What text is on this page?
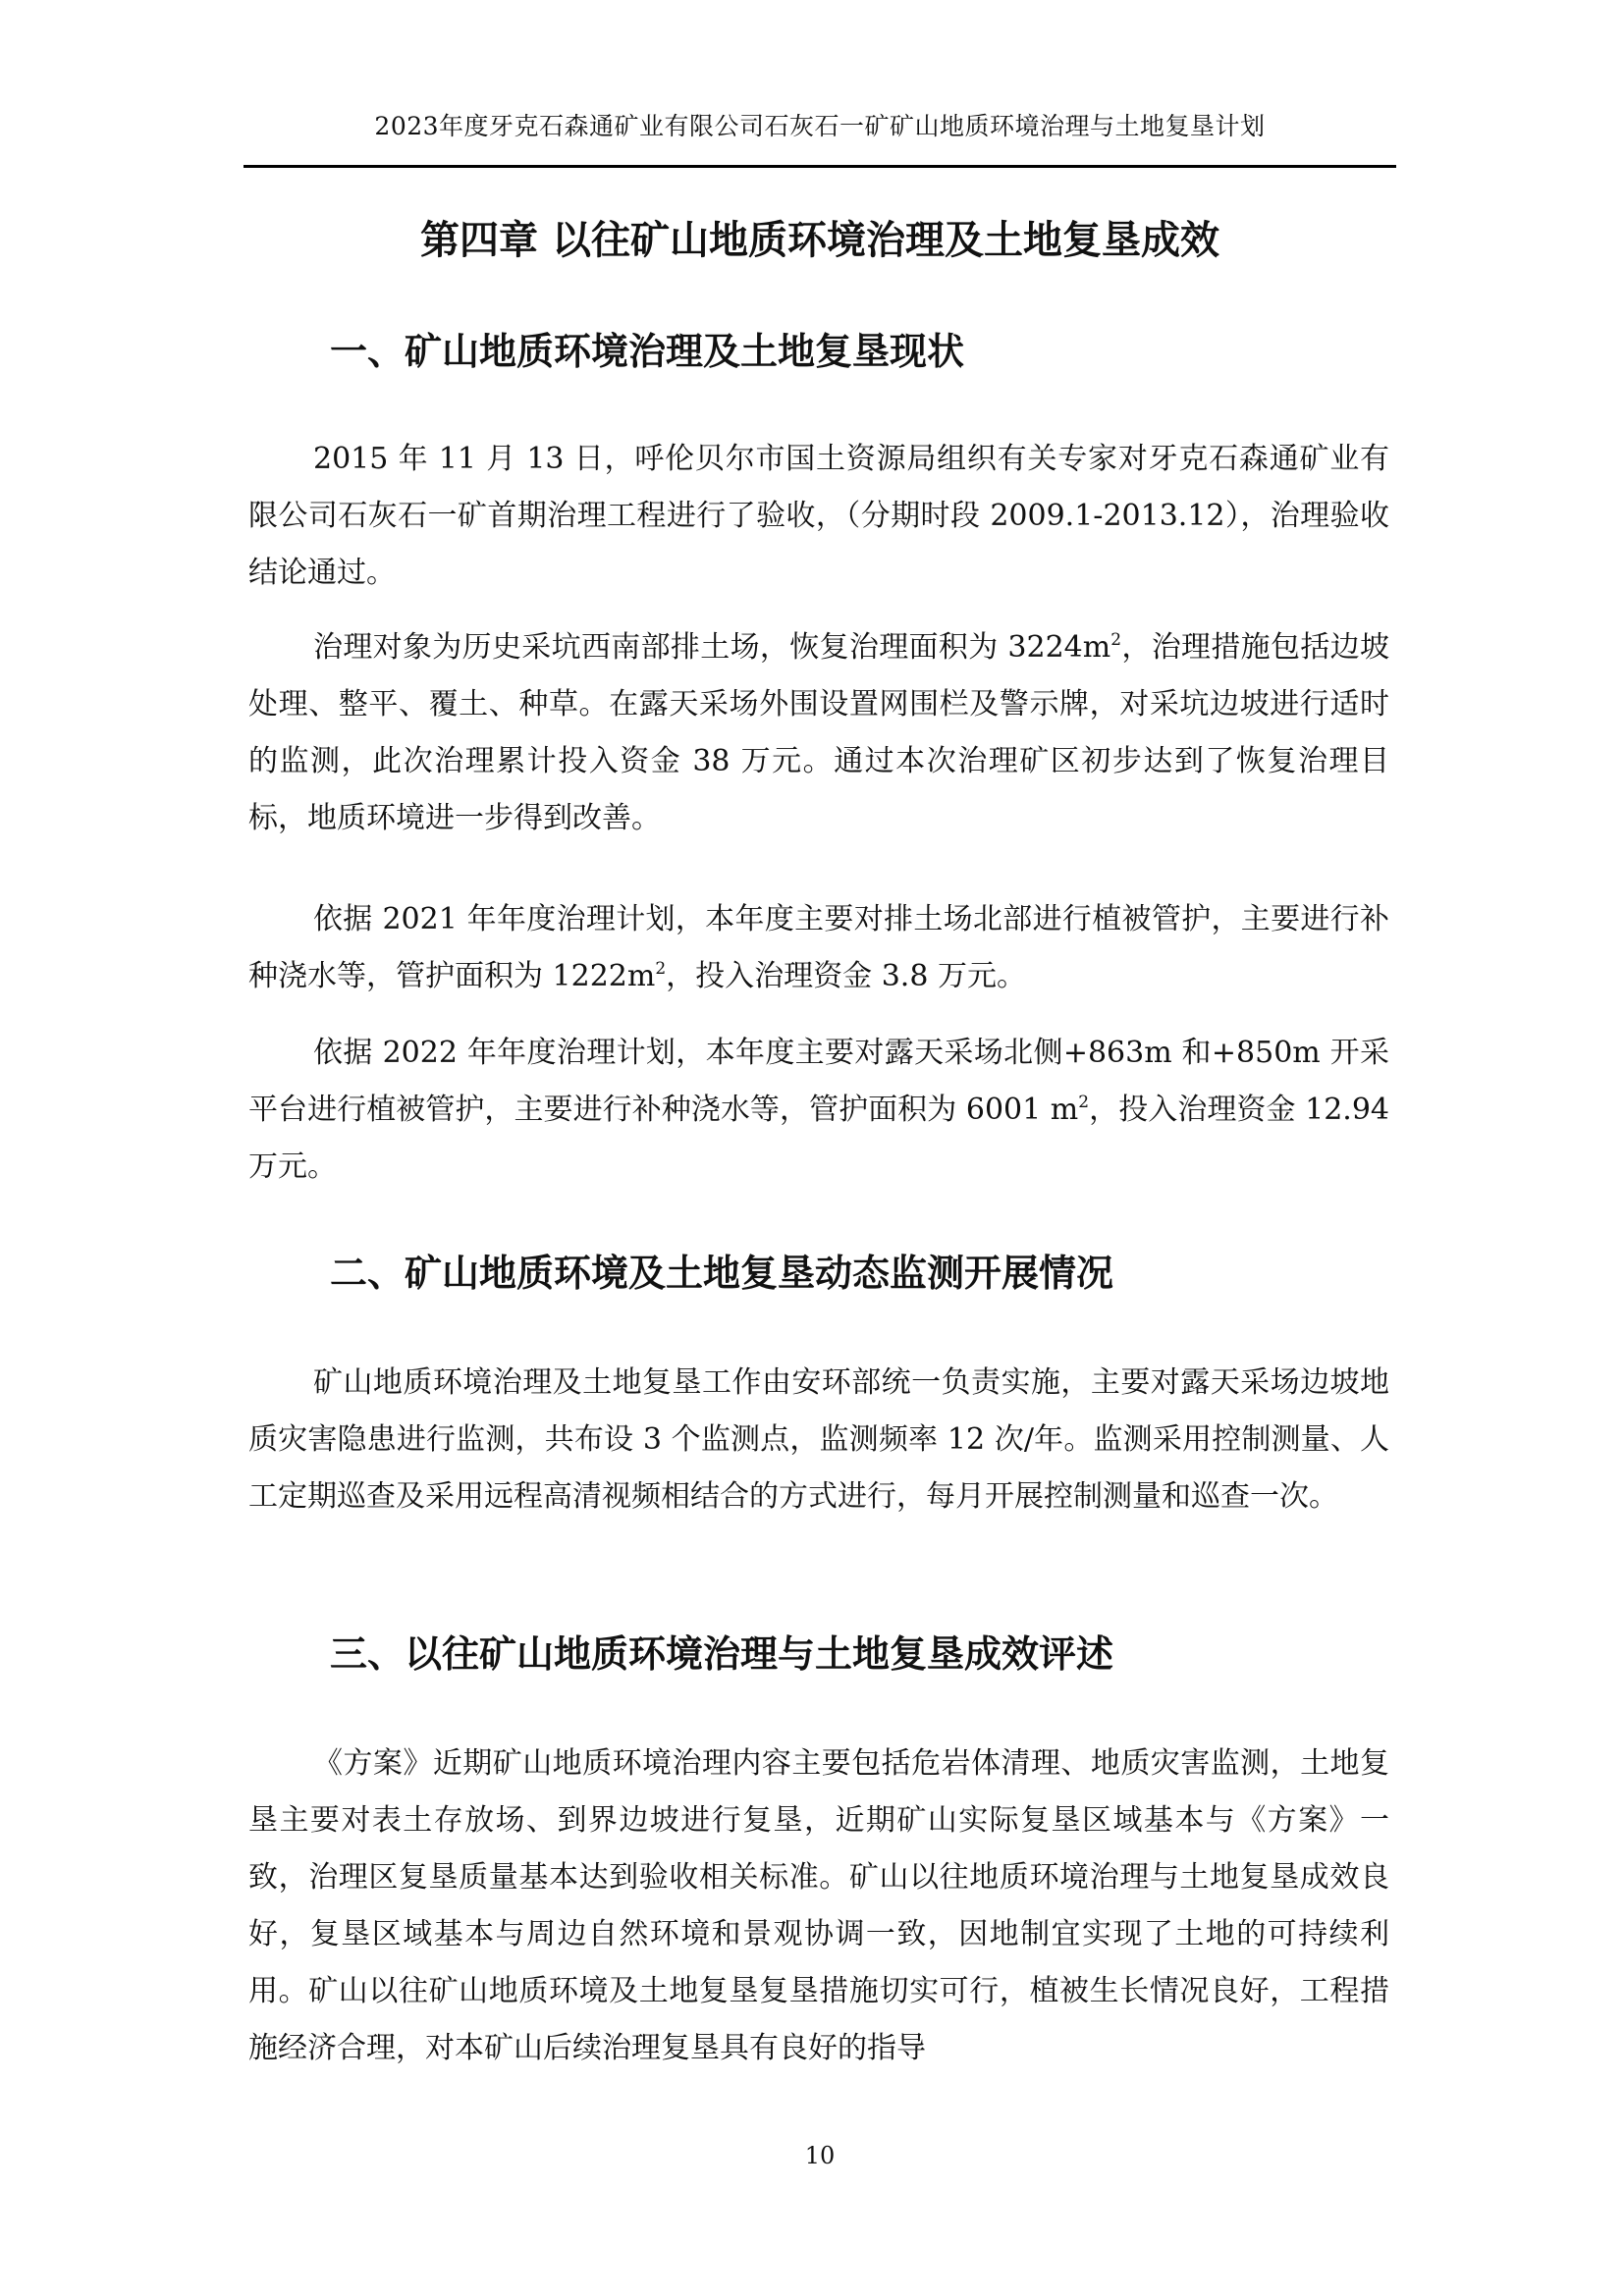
2023年度牙克石森通矿业有限公司石灰石一矿矿山地质环境治理与土地复垦计划
第四章 以往矿山地质环境治理及土地复垦成效
一、矿山地质环境治理及土地复垦现状

2015 年 11 月 13 日，呼伦贝尔市国土资源局组织有关专家对牙克石森通矿业有限公司石灰石一矿首期治理工程进行了验收，（分期时段 2009.1-2013.12），治理验收结论通过。

治理对象为历史采坑西南部排土场，恢复治理面积为 $3224m^2$，治理措施包括边坡处理、整平、覆土、种草。在露天采场外围设置网围栏及警示牌，对采坑边坡进行适时的监测，此次治理累计投入资金 38 万元。通过本次治理矿区初步达到了恢复治理目标，地质环境进一步得到改善。

依据 2021 年年度治理计划，本年度主要对排土场北部进行植被管护，主要进行补种浇水等，管护面积为 $1222m^2$，投入治理资金 3.8 万元。

依据 2022 年年度治理计划，本年度主要对露天采场北侧+863m 和+850m 开采平台进行植被管护，主要进行补种浇水等，管护面积为 6001 $m^2$，投入治理资金 12.94 万元。

二、矿山地质环境及土地复垦动态监测开展情况

矿山地质环境治理及土地复垦工作由安环部统一负责实施，主要对露天采场边坡地质灾害隐患进行监测，共布设 3 个监测点，监测频率 12 次/年。监测采用控制测量、人工定期巡查及采用远程高清视频相结合的方式进行，每月开展控制测量和巡查一次。

三、以往矿山地质环境治理与土地复垦成效评述

《方案》近期矿山地质环境治理内容主要包括危岩体清理、地质灾害监测，土地复垦主要对表土存放场、到界边坡进行复垦，近期矿山实际复垦区域基本与《方案》一致，治理区复垦质量基本达到验收相关标准。矿山以往地质环境治理与土地复垦成效良好，复垦区域基本与周边自然环境和景观协调一致，因地制宜实现了土地的可持续利用。矿山以往矿山地质环境及土地复垦复垦措施切实可行，植被生长情况良好，工程措施经济合理，对本矿山后续治理复垦具有良好的指导

10
